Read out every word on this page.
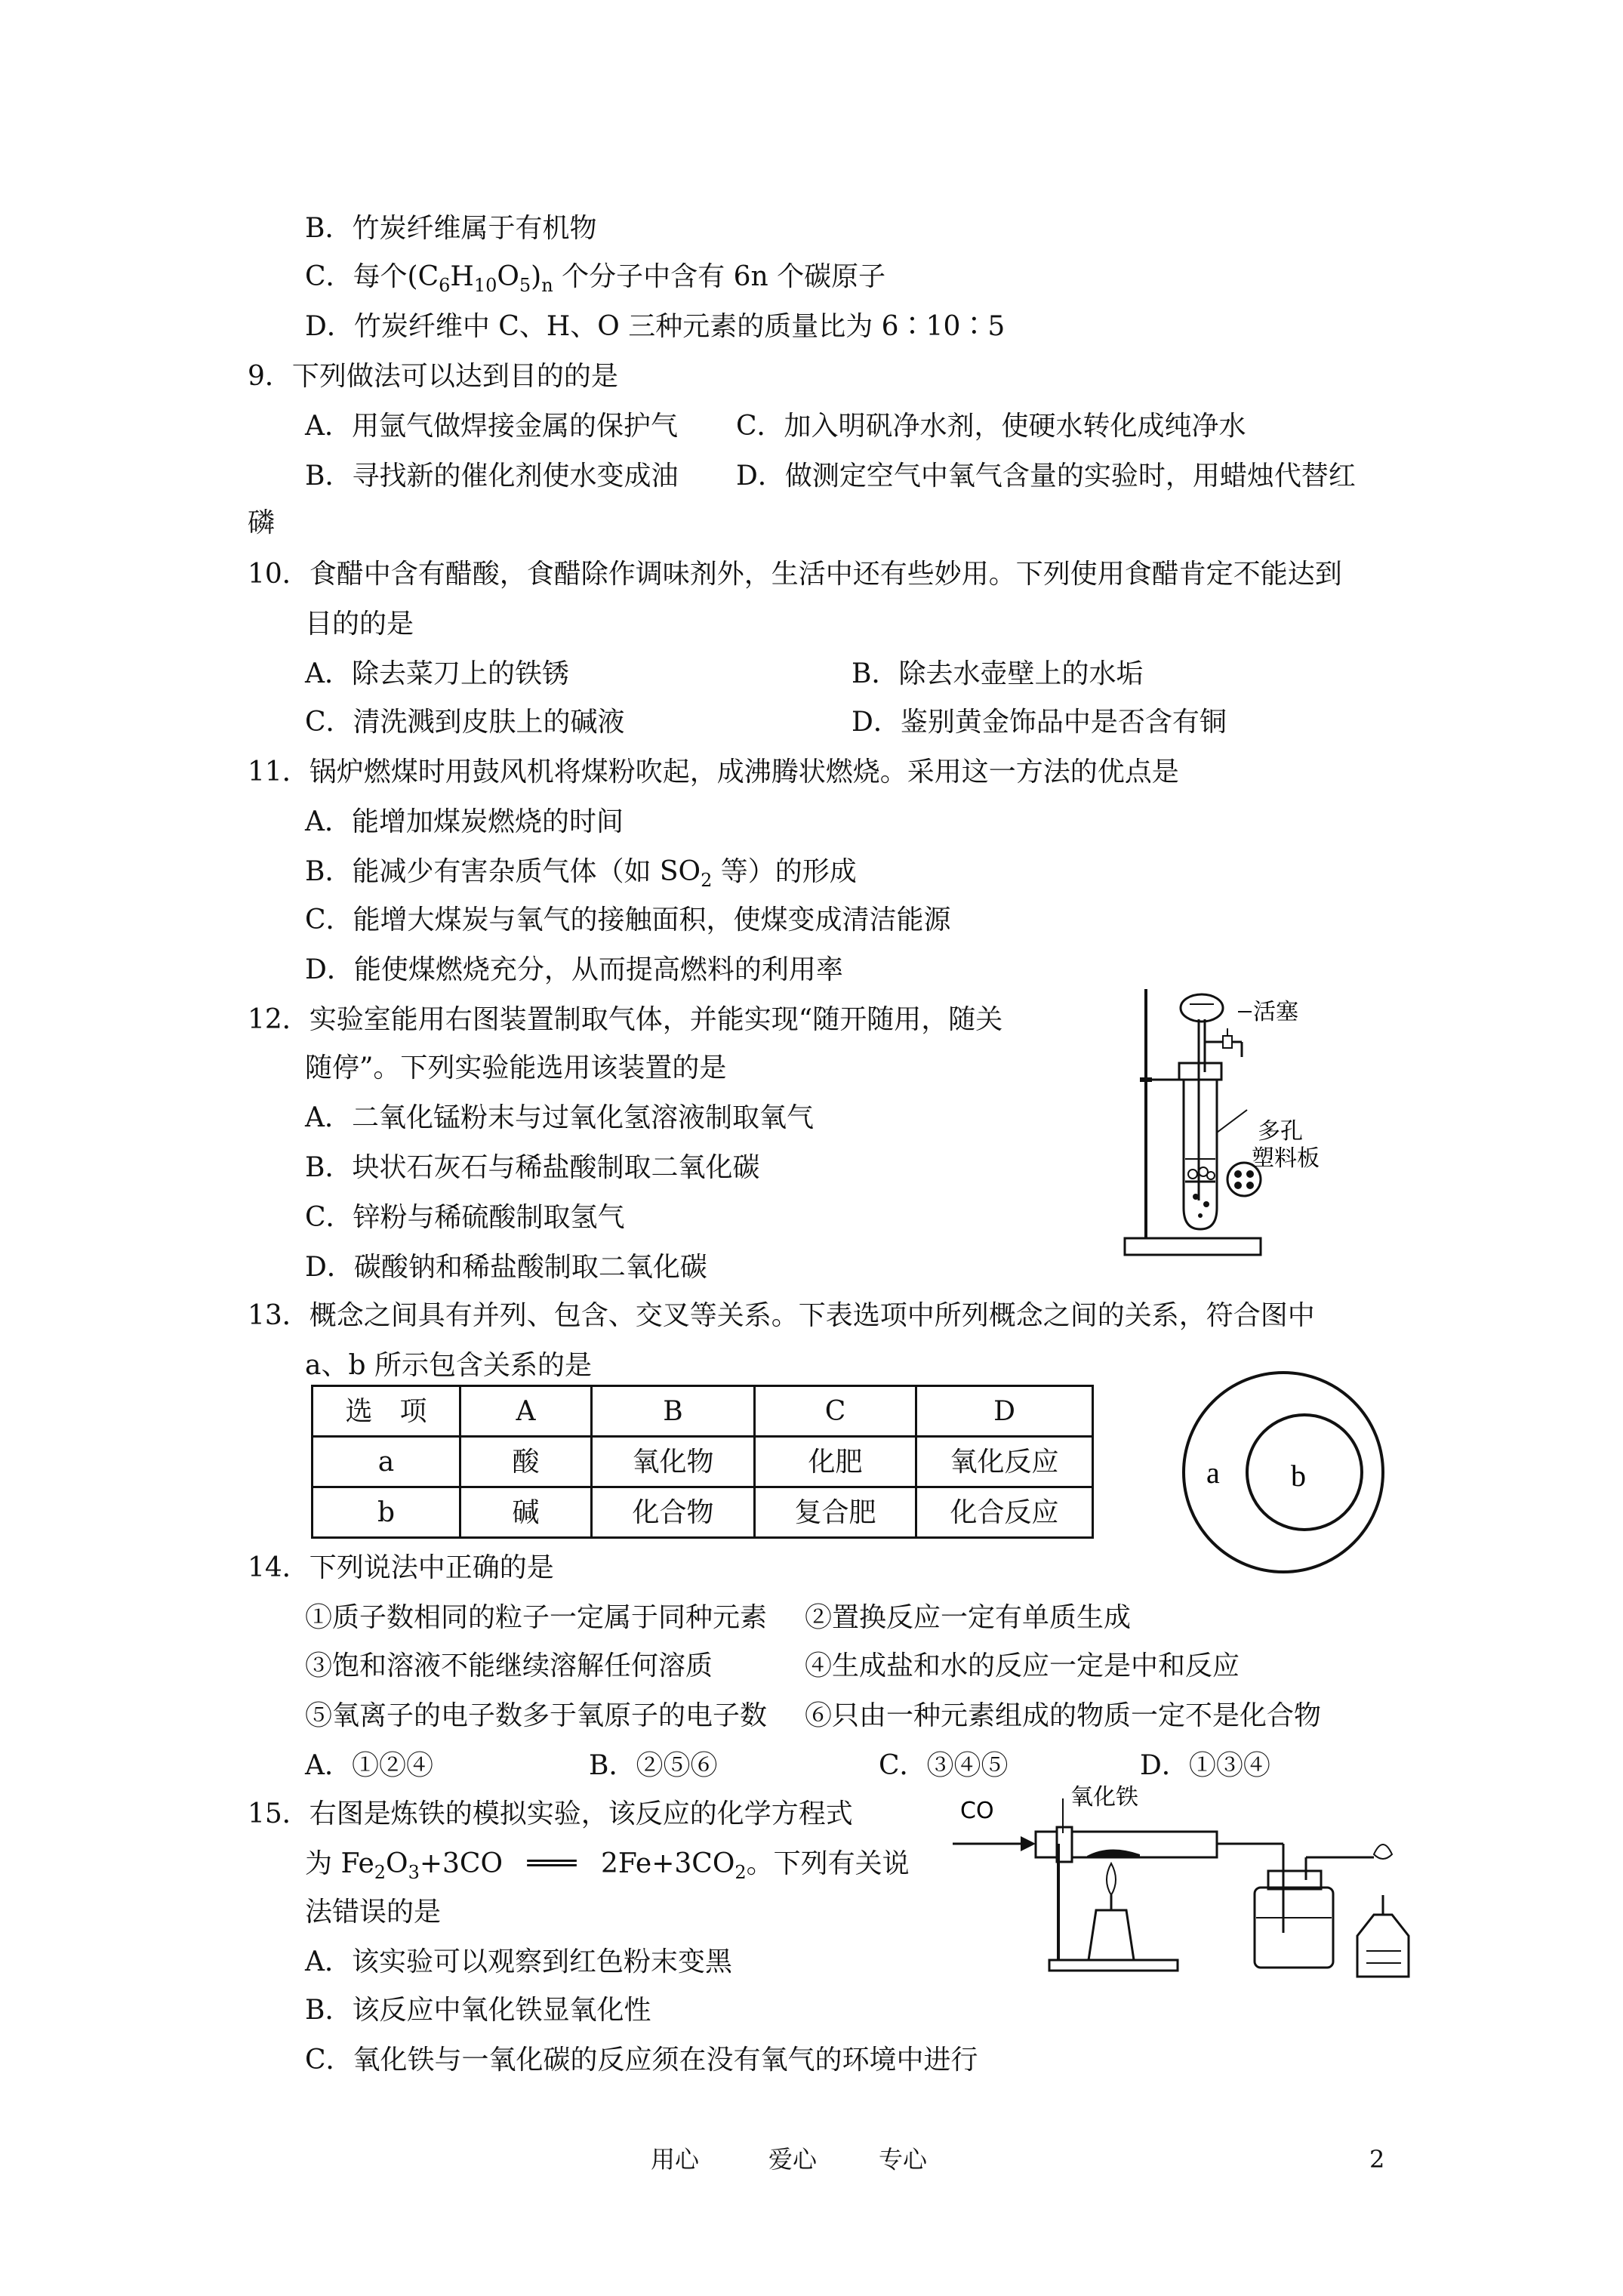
B．竹炭纤维属于有机物
C．每个$(C_6H_{10}O_5)_n$ 个分子中含有 6n 个碳原子
D．竹炭纤维中 C、H、O 三种元素的质量比为 6∶10∶5
9．下列做法可以达到目的的是
A．用氩气做焊接金属的保护气 C．加入明矾净水剂，使硬水转化成纯净水
B．寻找新的催化剂使水变成油 D．做测定空气中氧气含量的实验时，用蜡烛代替红
磷
10．食醋中含有醋酸，食醋除作调味剂外，生活中还有些妙用。下列使用食醋肯定不能达到
目的的是
A．除去菜刀上的铁锈	B．除去水壶壁上的水垢
C．清洗溅到皮肤上的碱液	D．鉴别黄金饰品中是否含有铜
11．锅炉燃煤时用鼓风机将煤粉吹起，成沸腾状燃烧。采用这一方法的优点是
A．能增加煤炭燃烧的时间
B．能减少有害杂质气体（如 $SO_2$ 等）的形成
C．能增大煤炭与氧气的接触面积，使煤变成清洁能源
D．能使煤燃烧充分，从而提高燃料的利用率
12．实验室能用右图装置制取气体，并能实现“随开随用，随关
随停”。下列实验能选用该装置的是
A．二氧化锰粉末与过氧化氢溶液制取氧气
B．块状石灰石与稀盐酸制取二氧化碳
C．锌粉与稀硫酸制取氢气
D．碳酸钠和稀盐酸制取二氧化碳
活塞
多孔
塑料板
13．概念之间具有并列、包含、交叉等关系。下表选项中所列概念之间的关系，符合图中
a、b 所示包含关系的是
选　项	A	B	C	D
a	酸	氧化物	化肥	氧化反应
b	碱	化合物	复合肥	化合反应
a b
14．下列说法中正确的是
①质子数相同的粒子一定属于同种元素 ②置换反应一定有单质生成
③饱和溶液不能继续溶解任何溶质	④生成盐和水的反应一定是中和反应
⑤氧离子的电子数多于氧原子的电子数 ⑥只由一种元素组成的物质一定不是化合物
A．①②④	B．②⑤⑥	C．③④⑤	D．①③④
15．右图是炼铁的模拟实验，该反应的化学方程式
为 $Fe_2O_3+3CO$ ═══ $2Fe+3CO_2$。下列有关说
法错误的是
A．该实验可以观察到红色粉末变黑
B．该反应中氧化铁显氧化性
C．氧化铁与一氧化碳的反应须在没有氧气的环境中进行
CO
氧化铁
用心	爱心	专心	2
